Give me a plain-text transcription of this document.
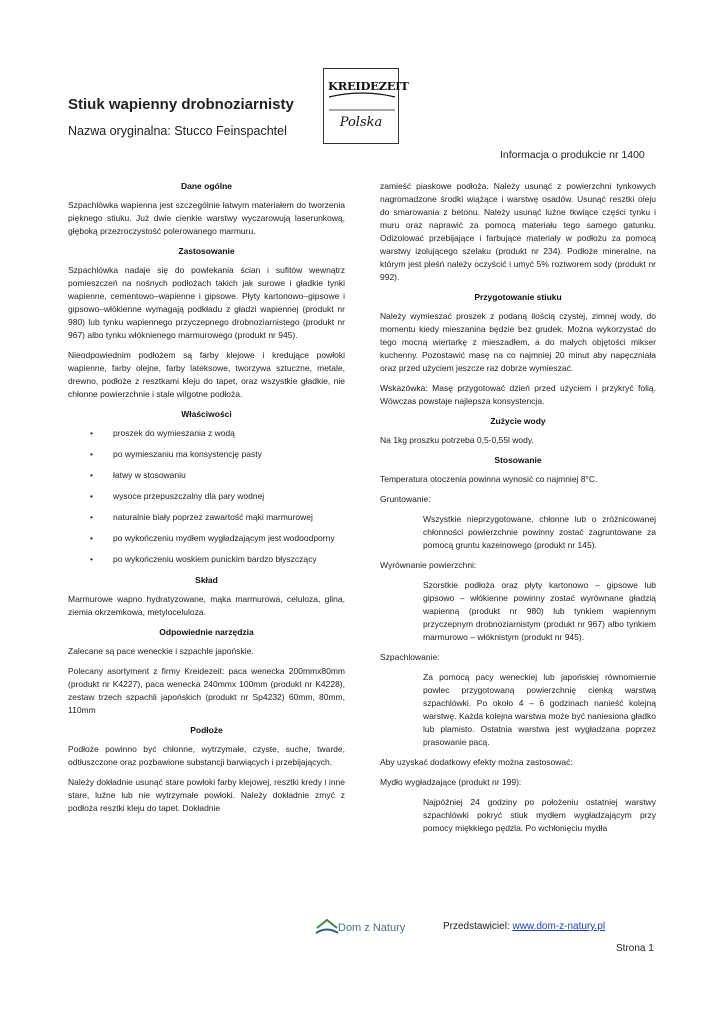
Stiuk wapienny drobnoziarnisty
Nazwa oryginalna: Stucco Feinspachtel
KREIDEZEIT
Polska
Informacja o produkcie nr 1400
Dane ogólne

Szpachlówka wapienna jest szczególnie łatwym materiałem do tworzenia pięknego stiuku. Już dwie cienkie warstwy wyczarowują laserunkową, głęboką przezroczystość polerowanego marmuru.

Zastosowanie

Szpachlówka nadaje się do powlekania ścian i sufitów wewnątrz pomieszczeń na nośnych podłożach takich jak surowe i gładkie tynki wapienne, cementowo–wapienne i gipsowe. Płyty kartonowo–gipsowe i gipsowo–włókienne wymagają podkładu z gładzi wapiennej (produkt nr 980) lub tynku wapiennego przyczepnego drobnoziarnistego (produkt nr 967) albo tynku włóknienego marmurowego (produkt nr 945).

Nieodpowiednim podłożem są farby klejowe i kredujące powłoki wapienne, farby olejne, farby lateksowe, tworzywa sztuczne, metale, drewno, podłoże z resztkami kleju do tapet, oraz wszystkie gładkie, nie chłonne powierzchnie i stale wilgotne podłoża.

Właściwości
• proszek do wymieszania z wodą
• po wymieszaniu ma konsystencję pasty
• łatwy w stosowaniu
• wysoce przepuszczalny dla pary wodnej
• naturalnie biały poprzez zawartość mąki marmurowej
• po wykończeniu mydłem wygładzającym jest wodoodporny
• po wykończeniu woskiem punickim bardzo błyszczący
Skład

Marmurowe wapno hydratyzowane, mąka marmurowa, celuloza, glina, ziemia okrzemkowa, metyloceluloza.

Odpowiednie narzędzia

Zalecane są pace weneckie i szpachle japońskie.

Polecany asortyment z firmy Kreidezeit: paca wenecka 200mmx80mm (produkt nr K4227), paca wenecka 240mmx 100mm (produkt nr K4228), zestaw trzech szpachli japońskich (produkt nr Sp4232) 60mm, 80mm, 110mm

Podłoże

Podłoże powinno być chłonne, wytrzymałe, czyste, suche, twarde, odtłuszczone oraz pozbawione substancji barwiących i przebijających.

Należy dokładnie usunąć stare powłoki farby klejowej, resztki kredy i inne stare, luźne lub nie wytrzymałe powłoki. Należy dokładnie zmyć z podłoża resztki kleju do tapet. Dokładnie

zamieść piaskowe podłoża. Należy usunąć z powierzchni tynkowych nagromadzone środki wiążące i warstwę osadów. Usunąć resztki oleju do smarowania z betonu. Należy usunąć luźne tkwiące części tynku i muru oraz naprawić za pomocą materiału tego samego gatunku. Odizolować przebijające i farbujące materiały w podłożu za pomocą warstwy izolującego szelaku (produkt nr 234). Podłoże mineralne, na którym jest pleśń należy oczyścić i umyć 5% roztworem sody (produkt nr 992).

Przygotowanie stiuku

Należy wymieszać proszek z podaną ilością czystej, zimnej wody, do momentu kiedy mieszanina będzie bez grudek. Można wykorzystać do tego mocną wiertarkę z mieszadłem, a do małych objętości mikser kuchenny. Pozostawić masę na co najmniej 20 minut aby napęczniała oraz przed użyciem jeszcze raz dobrze wymieszać.

Wskazówka: Masę przygotować dzień przed użyciem i przykryć folią. Wówczas powstaje najlepsza konsystencja.

Zużycie wody

Na 1kg proszku potrzeba 0,5-0,55l wody.

Stosowanie

Temperatura otoczenia powinna wynosić co najmniej 8°C.

Gruntowanie:

Wszystkie nieprzygotowane, chłonne lub o zróżnicowanej chłonności powierzchnie powinny zostać zagruntowane za pomocą gruntu kazeinowego (produkt nr 145).

Wyrównanie powierzchni:

Szorstkie podłoża oraz płyty kartonowo – gipsowe lub gipsowo – włókienne powinny zostać wyrównane gładzią wapienną (produkt nr 980) lub tynkiem wapiennym przyczepnym drobnoziarnistym (produkt nr 967) albo tynkiem marmurowo – włóknistym (produkt nr 945).

Szpachlowanie:

Za pomocą pacy weneckiej lub japońskiej równomiernie powlec przygotowaną powierzchnię cienką warstwą szpachlówki. Po około 4 – 6 godzinach nanieść kolejną warstwę. Każda kolejna warstwa może być naniesiona gładko lub plamisto. Ostatnia warstwa jest wygładzana poprzez prasowanie pacą.

Aby uzyskać dodatkowy efekty można zastosować:

Mydło wygładzające (produkt nr 199):

Najpóźniej 24 godziny po położeniu ostatniej warstwy szpachlówki pokryć stiuk mydłem wygładzającym przy pomocy miękkiego pędzla. Po wchłonięciu mydła

Dom z Natury	Przedstawiciel: www.dom-z-natury.pl
Strona 1
